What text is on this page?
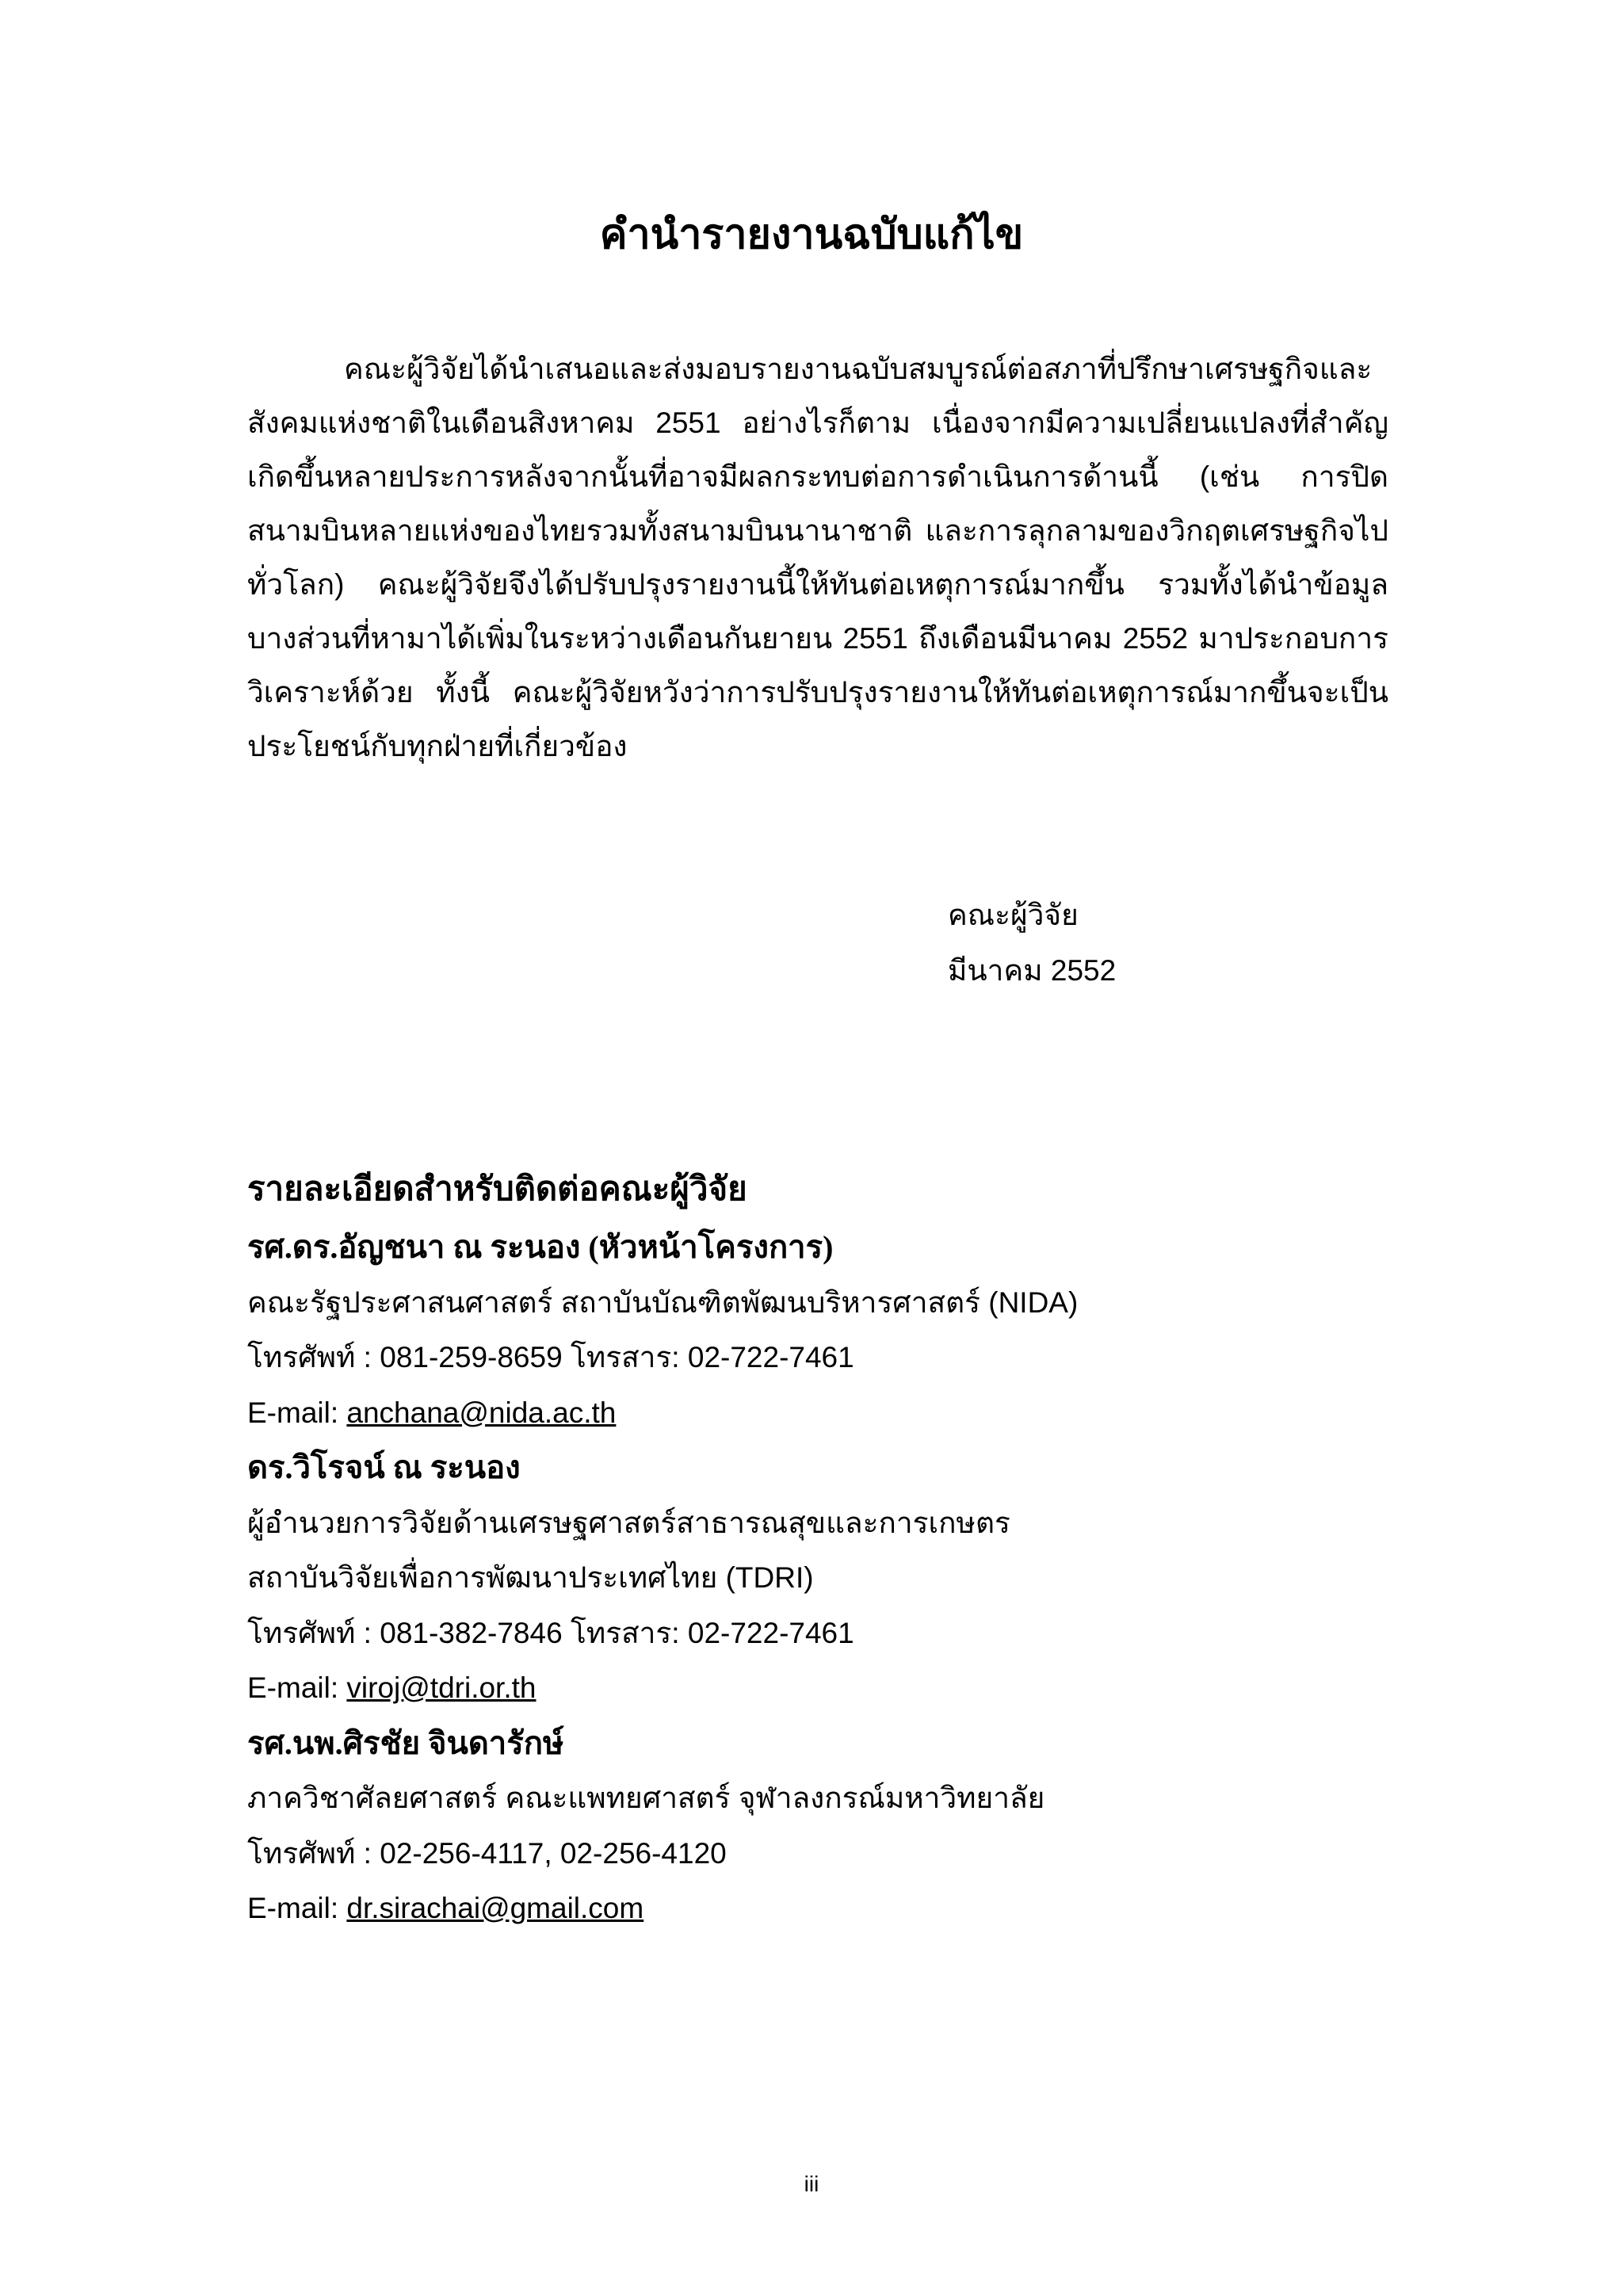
คำนำรายงานฉบับแก้ไข
คณะผู้วิจัยได้นำเสนอและส่งมอบรายงานฉบับสมบูรณ์ต่อสภาที่ปรึกษาเศรษฐกิจและ
สังคมแห่งชาติในเดือนสิงหาคม 2551 อย่างไรก็ตาม เนื่องจากมีความเปลี่ยนแปลงที่สำคัญ
เกิดขึ้นหลายประการหลังจากนั้นที่อาจมีผลกระทบต่อการดำเนินการด้านนี้ (เช่น การปิด
สนามบินหลายแห่งของไทยรวมทั้งสนามบินนานาชาติ และการลุกลามของวิกฤตเศรษฐกิจไป
ทั่วโลก) คณะผู้วิจัยจึงได้ปรับปรุงรายงานนี้ให้ทันต่อเหตุการณ์มากขึ้น รวมทั้งได้นำข้อมูล
บางส่วนที่หามาได้เพิ่มในระหว่างเดือนกันยายน 2551 ถึงเดือนมีนาคม 2552 มาประกอบการ
วิเคราะห์ด้วย ทั้งนี้ คณะผู้วิจัยหวังว่าการปรับปรุงรายงานให้ทันต่อเหตุการณ์มากขึ้นจะเป็น
ประโยชน์กับทุกฝ่ายที่เกี่ยวข้อง
คณะผู้วิจัย
มีนาคม 2552
รายละเอียดสำหรับติดต่อคณะผู้วิจัย
รศ.ดร.อัญชนา ณ ระนอง (หัวหน้าโครงการ)
คณะรัฐประศาสนศาสตร์ สถาบันบัณฑิตพัฒนบริหารศาสตร์ (NIDA)
โทรศัพท์ : 081-259-8659 โทรสาร: 02-722-7461
E-mail: anchana@nida.ac.th
ดร.วิโรจน์ ณ ระนอง
ผู้อำนวยการวิจัยด้านเศรษฐศาสตร์สาธารณสุขและการเกษตร
สถาบันวิจัยเพื่อการพัฒนาประเทศไทย (TDRI)
โทรศัพท์ : 081-382-7846 โทรสาร: 02-722-7461
E-mail: viroj@tdri.or.th
รศ.นพ.ศิรชัย จินดารักษ์
ภาควิชาศัลยศาสตร์ คณะแพทยศาสตร์ จุฬาลงกรณ์มหาวิทยาลัย
โทรศัพท์ : 02-256-4117, 02-256-4120
E-mail: dr.sirachai@gmail.com
iii
